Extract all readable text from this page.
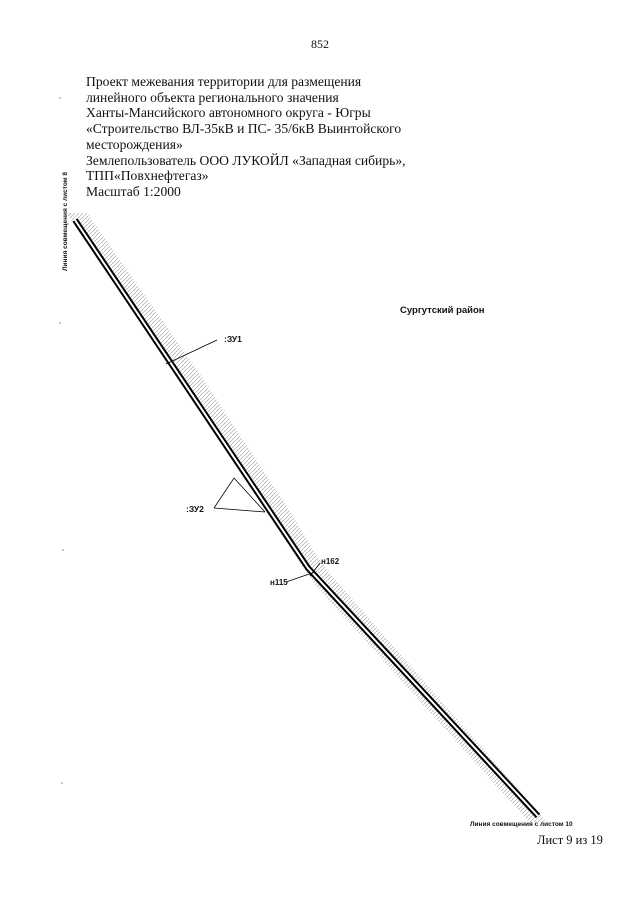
852
Проект межевания территории для размещения
линейного объекта регионального значения
Ханты-Мансийского автономного округа - Югры
«Строительство ВЛ-35кВ и ПС- 35/6кВ Выинтойского
месторождения»
Землепользователь ООО ЛУКОЙЛ «Западная сибирь»,
ТПП«Повхнефтегаз»
Масштаб 1:2000
Сургутский район
:ЗУ1
:ЗУ2
н162
н115
Линия совмещения с листом 10
Линия совмещения с листом 8
Лист 9 из 19
